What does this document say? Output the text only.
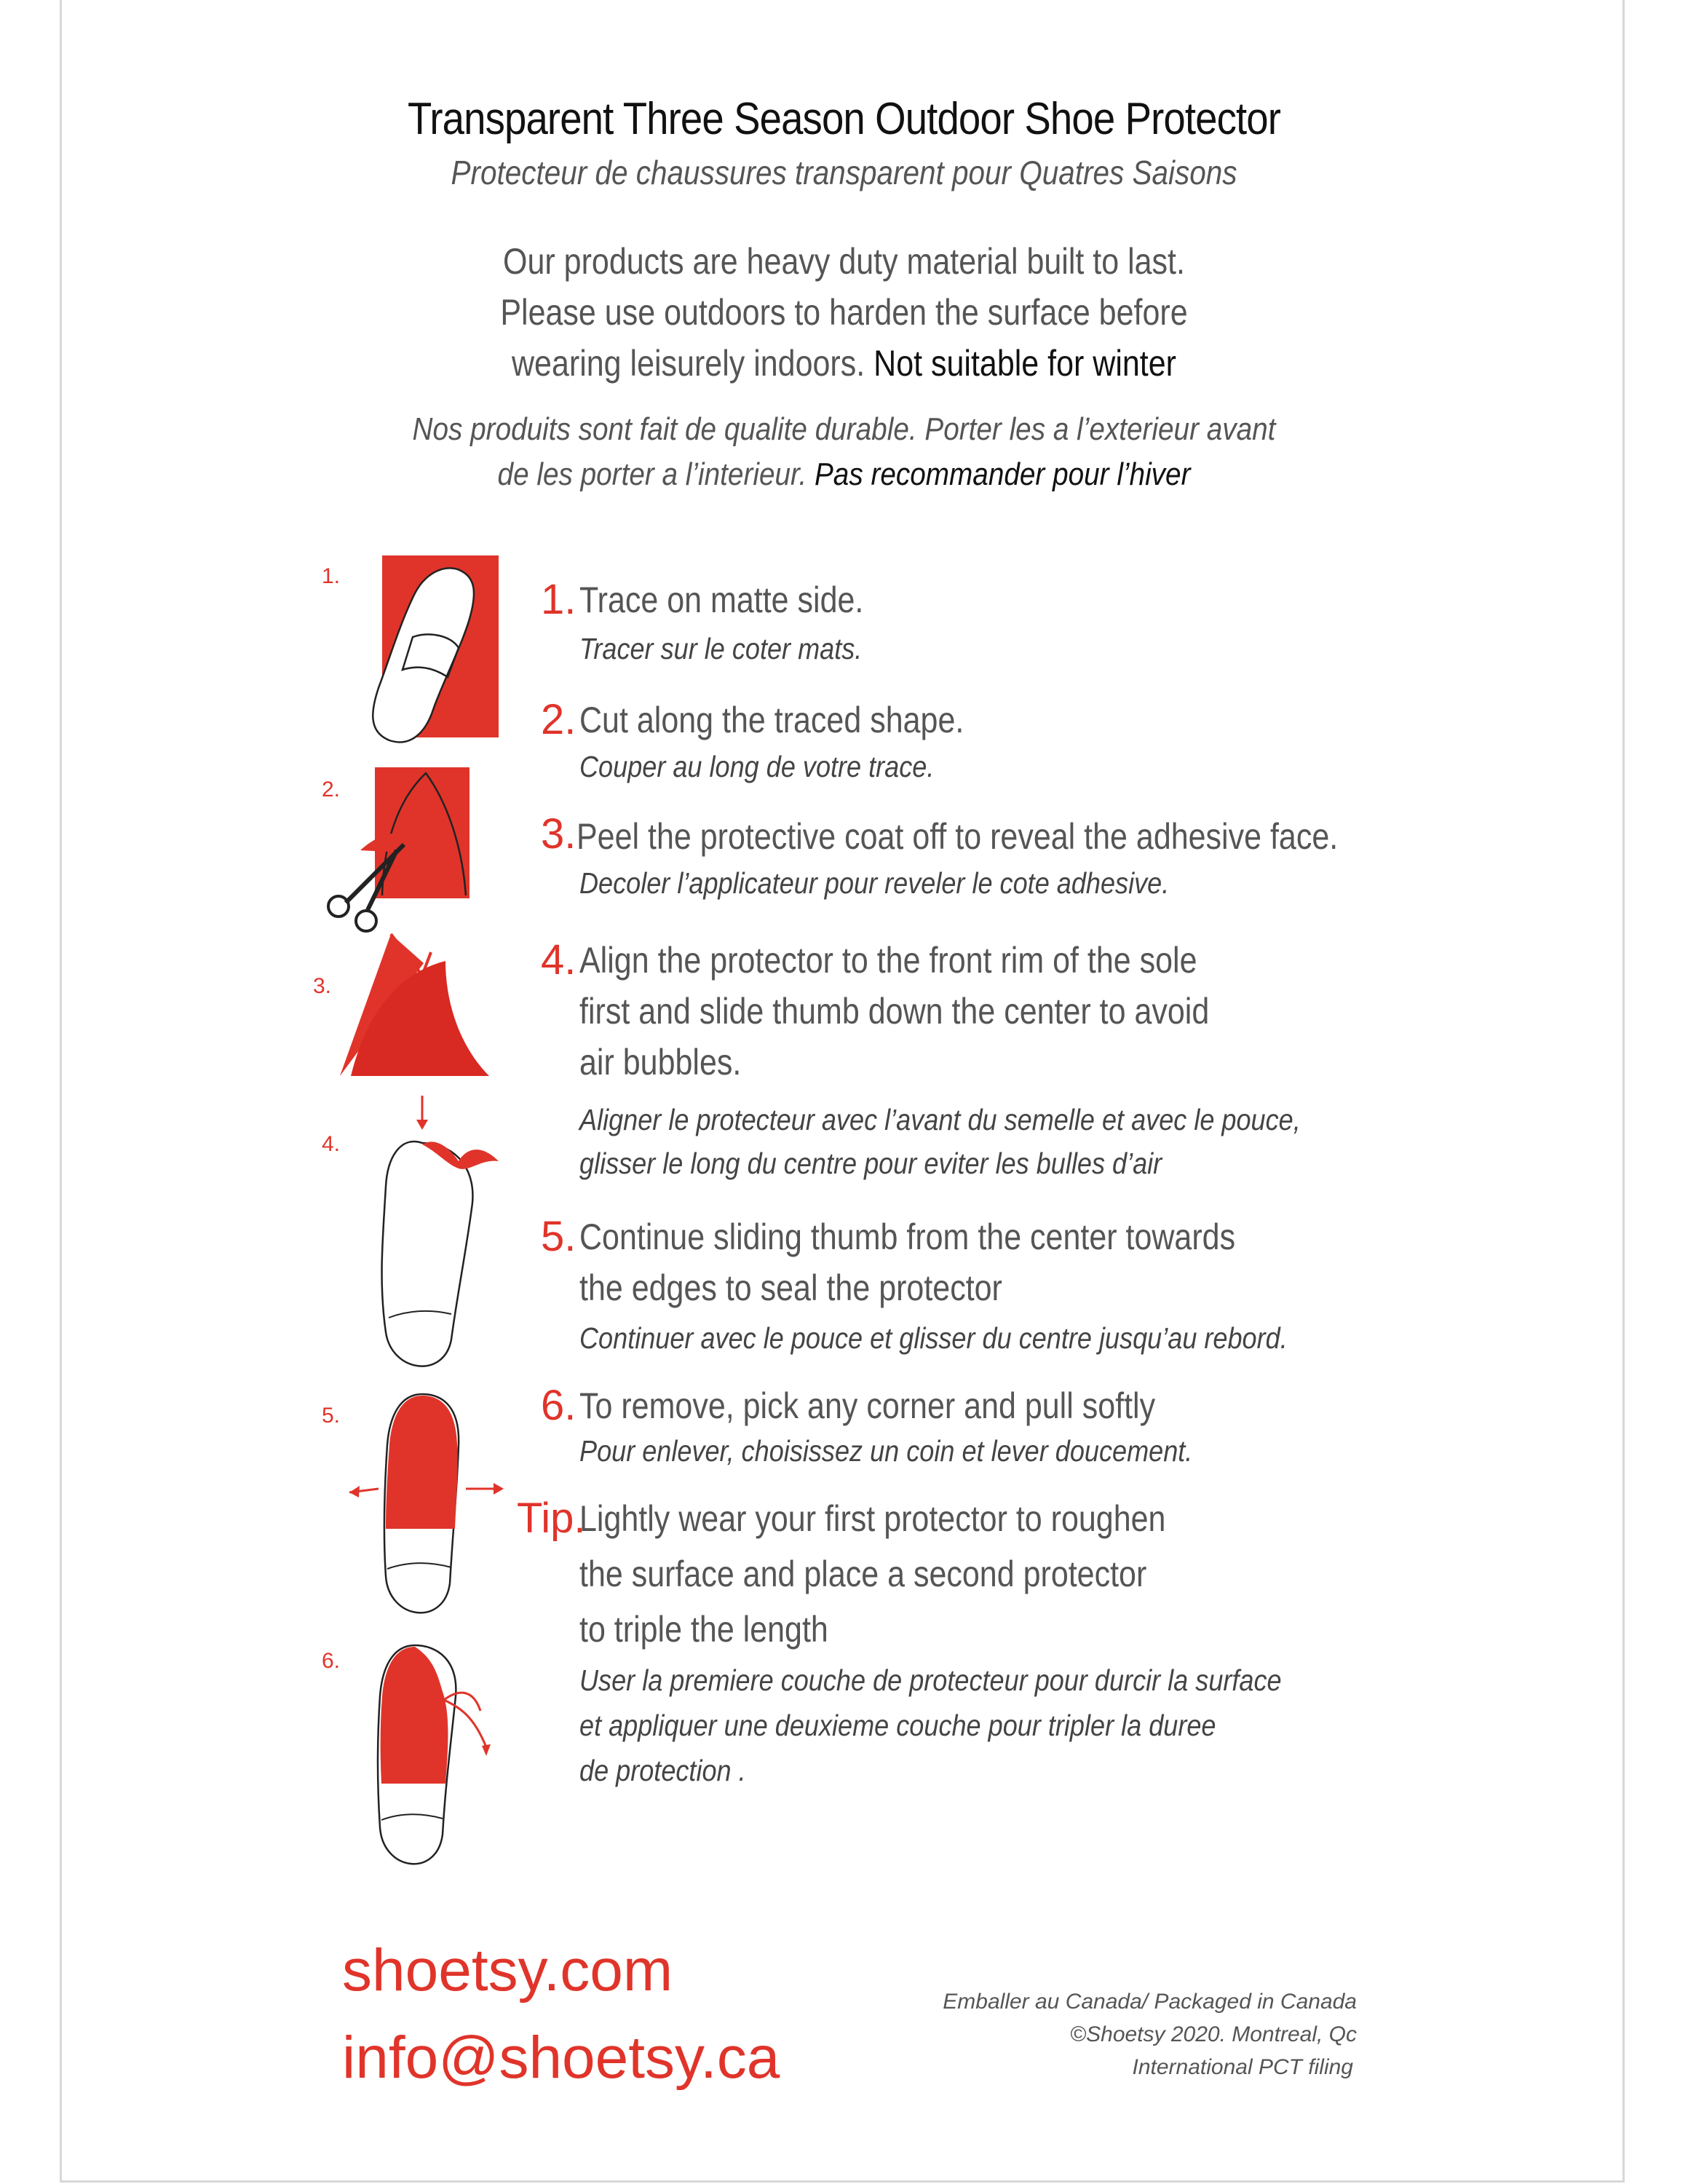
Transparent Three Season Outdoor Shoe Protector
Protecteur de chaussures transparent pour Quatres Saisons
Our products are heavy duty material built to last.
Please use outdoors to harden the surface before
wearing leisurely indoors. Not suitable for winter
Nos produits sont fait de qualite durable. Porter les a l’exterieur avant
de les porter a l’interieur. Pas recommander pour l’hiver
1.
2.
3.
4.
5.
6.
1. Trace on matte side.
Tracer sur le coter mats.
2. Cut along the traced shape.
Couper au long de votre trace.
3. Peel the protective coat off to reveal the adhesive face.
Decoler l’applicateur pour reveler le cote adhesive.
4. Align the protector to the front rim of the sole
first and slide thumb down the center to avoid
air bubbles.
Aligner le protecteur avec l’avant du semelle et avec le pouce,
glisser le long du centre pour eviter les bulles d’air
5. Continue sliding thumb from the center towards
the edges to seal the protector
Continuer avec le pouce et glisser du centre jusqu’au rebord.
6. To remove, pick any corner and pull softly
Pour enlever, choisissez un coin et lever doucement.
Tip.
Lightly wear your first protector to roughen
the surface and place a second protector
to triple the length
User la premiere couche de protecteur pour durcir la surface
et appliquer une deuxieme couche pour tripler la duree
de protection .
shoetsy.com
info@shoetsy.ca
Emballer au Canada/ Packaged in Canada
©Shoetsy 2020. Montreal, Qc
International PCT filing
